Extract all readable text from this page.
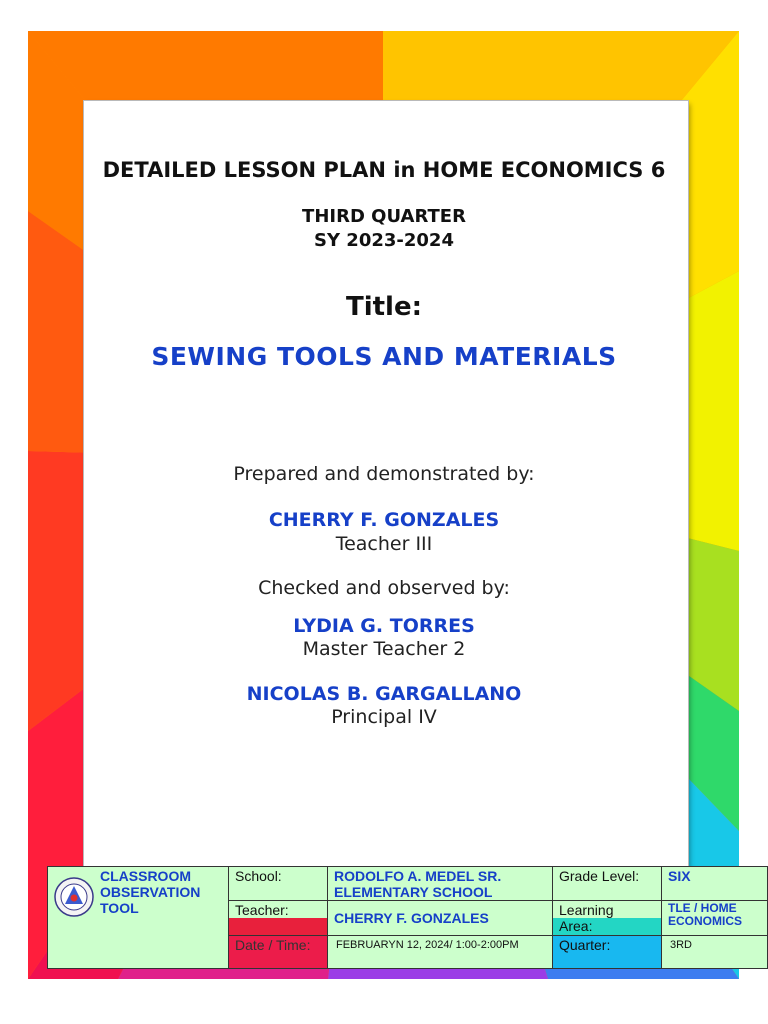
DETAILED LESSON PLAN in HOME ECONOMICS 6
THIRD QUARTER
SY 2023-2024
Title:
SEWING TOOLS AND MATERIALS
Prepared and demonstrated by:
CHERRY F. GONZALES
Teacher III
Checked and observed by:
LYDIA G. TORRES
Master Teacher 2
NICOLAS B. GARGALLANO
Principal IV
CLASSROOM OBSERVATION TOOL
School:
Teacher:
Date / Time:
RODOLFO A. MEDEL SR. ELEMENTARY SCHOOL
CHERRY F. GONZALES
FEBRUARYN 12, 2024/ 1:00-2:00PM
Grade Level:
Learning
Area:
Quarter:
SIX
TLE / HOME ECONOMICS
3RD
